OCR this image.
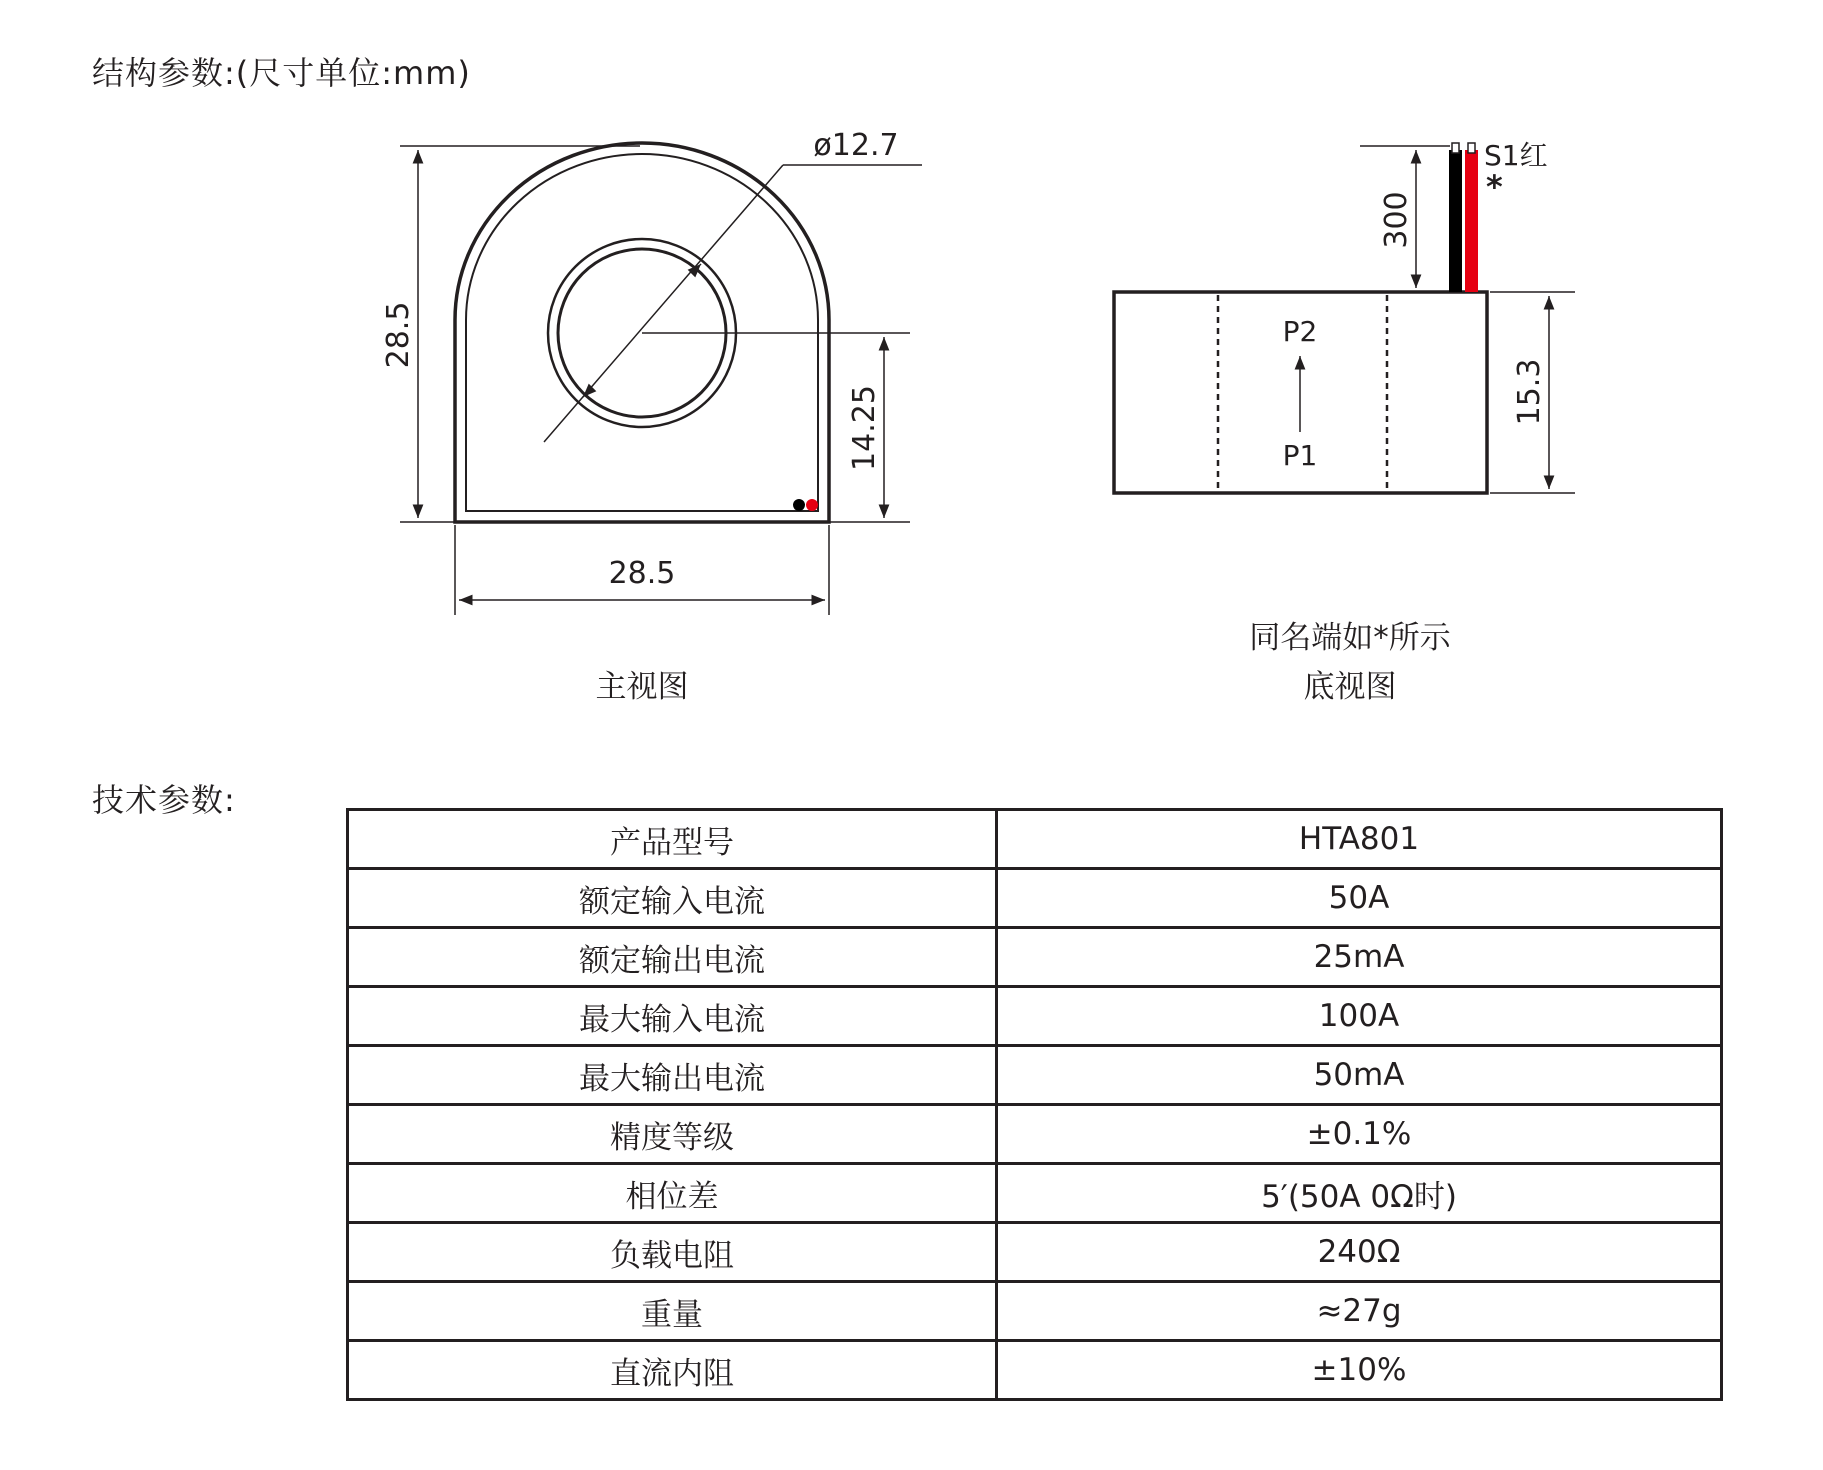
结构参数:(尺寸单位:mm)
28.5
14.25
28.5
ø12.7
300
15.3
S1红
*
P2
P1
主视图
同名端如*所示
底视图
技术参数:
产品型号	HTA801
额定输入电流	50A
额定输出电流	25mA
最大输入电流	100A
最大输出电流	50mA
精度等级	±0.1%
相位差	5′(50A 0Ω时)
负载电阻	240Ω
重量	≈27g
直流内阻	±10%
